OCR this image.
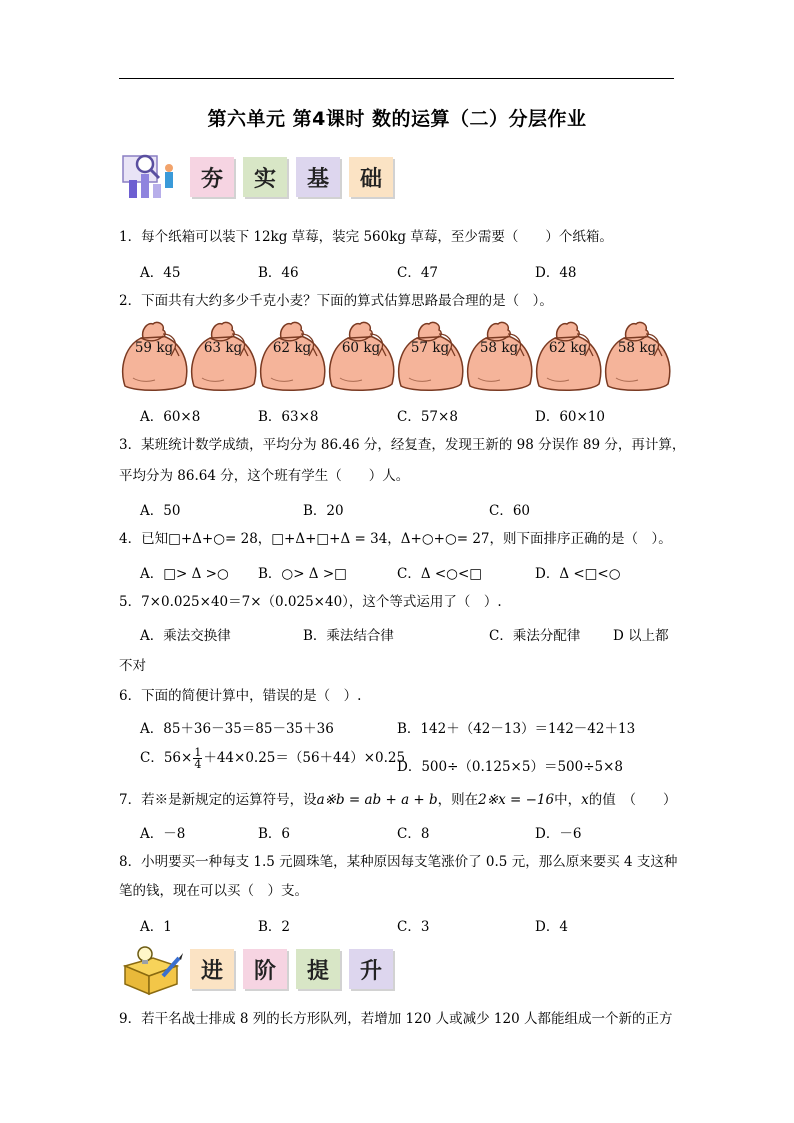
第六单元 第4课时 数的运算（二）分层作业
夯	实	基	础
1．每个纸箱可以装下 12kg 草莓，装完 560kg 草莓，至少需要（　　）个纸箱。
A．45	B．46	C．47	D．48
2．下面共有大约多少千克小麦？下面的算式估算思路最合理的是（　）。
59 kg	63 kg	62 kg	60 kg	57 kg	58 kg	62 kg	58 kg
A．60×8	B．63×8	C．57×8	D．60×10
3．某班统计数学成绩，平均分为 86.46 分，经复查，发现王新的 98 分误作 89 分，再计算，
平均分为 86.64 分，这个班有学生（　　）人。
A．50	B．20	C．60
4．已知□+Δ+○= 28，□+Δ+□+Δ = 34，Δ+○+○= 27，则下面排序正确的是（　）。
A．□> Δ >○ B．○> Δ >□	C．Δ <○<□	D．Δ <□<○
5．7×0.025×40＝7×（0.025×40），这个等式运用了（　）.
A．乘法交换律	B．乘法结合律	C．乘法分配律 D 以上都
不对
6．下面的简便计算中，错误的是（　）.
A．85＋36－35＝85－35＋36	B．142＋（42－13）＝142－42＋13
C．$56\times \frac{1}{4} +44\times 0.25=(56+44)\times 0.25$
D．500÷（0.125×5）＝500÷5×8
7．若※是新规定的运算符号，设a※b = ab + a + b，则在2※x = −16中，x的值　（　　）
A．－8	B．6	C．8	D．－6
8．小明要买一种每支 1.5 元圆珠笔，某种原因每支笔涨价了 0.5 元，那么原来要买 4 支这种
笔的钱，现在可以买（　）支。
A．1	B．2	C．3	D．4
进	阶	提	升
9．若干名战士排成 8 列的长方形队列，若增加 120 人或减少 120 人都能组成一个新的正方
